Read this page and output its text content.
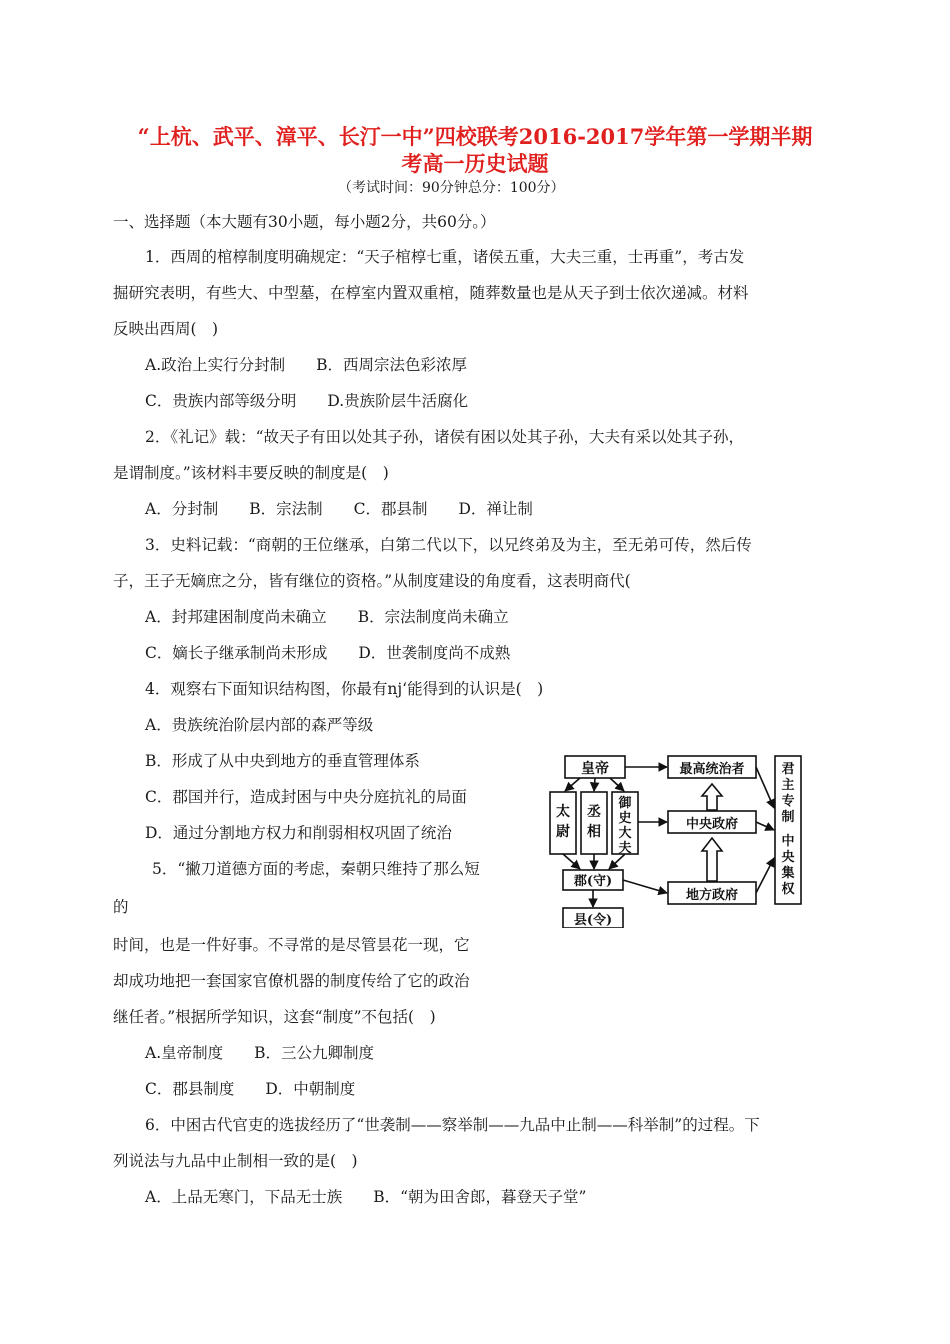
“上杭、武平、漳平、长汀一中”四校联考2016-2017学年第一学期半期
考高一历史试题
（考试时间：90分钟总分：100分）
一、选择题（本大题有30小题，每小题2分，共60分。）
1．西周的棺椁制度明确规定：“天子棺椁七重，诸侯五重，大夫三重，士再重”，考古发
掘研究表明，有些大、中型墓，在椁室内置双重棺，随葬数量也是从天子到士依次递减。材料
反映出西周(　)
A.政治上实行分封制　　B．西周宗法色彩浓厚
C．贵族内部等级分明　　D.贵族阶层牛活腐化
2．《礼记》载：“故天子有田以处其子孙，诸侯有困以处其子孙，大夫有采以处其子孙，
是谓制度。”该材料丰要反映的制度是(　)
A．分封制　　B．宗法制　　C．郡县制　　D．禅让制
3．史料记载：“商朝的王位继承，白第二代以下，以兄终弟及为主，至无弟可传，然后传
子，王子无嫡庶之分，皆有继位的资格。”从制度建设的角度看，这表明商代(
A．封邦建困制度尚未确立　　B．宗法制度尚未确立
C．嫡长子继承制尚未形成　　D．世袭制度尚不成熟
4．观察右下面知识结构图，你最有nj‘能得到的认识是(　)
A．贵族统治阶层内部的森严等级
B．形成了从中央到地方的垂直管理体系
C．郡国并行，造成封困与中央分庭抗礼的局面
D．通过分割地方权力和削弱相权巩固了统治
皇帝
太
尉
丞
相
御
史
大
夫
郡(守)
县(令)
最高统治者
中央政府
地方政府
君
主
专
制
中
央
集
权
5．“撇刀道德方面的考虑，秦朝只维持了那么短
的
时间，也是一件好事。不寻常的是尽管昙花一现，它
却成功地把一套国家官僚机器的制度传给了它的政治
继任者。”根据所学知识，这套“制度”不包括(　)
A.皇帝制度　　B．三公九卿制度
C．郡县制度　　D．中朝制度
6．中困古代官吏的选拔经历了“世袭制——察举制——九品中止制——科举制”的过程。下
列说法与九品中止制相一致的是(　)
A．上品无寒门，下品无士族　　B．“朝为田舍郎，暮登天子堂”
